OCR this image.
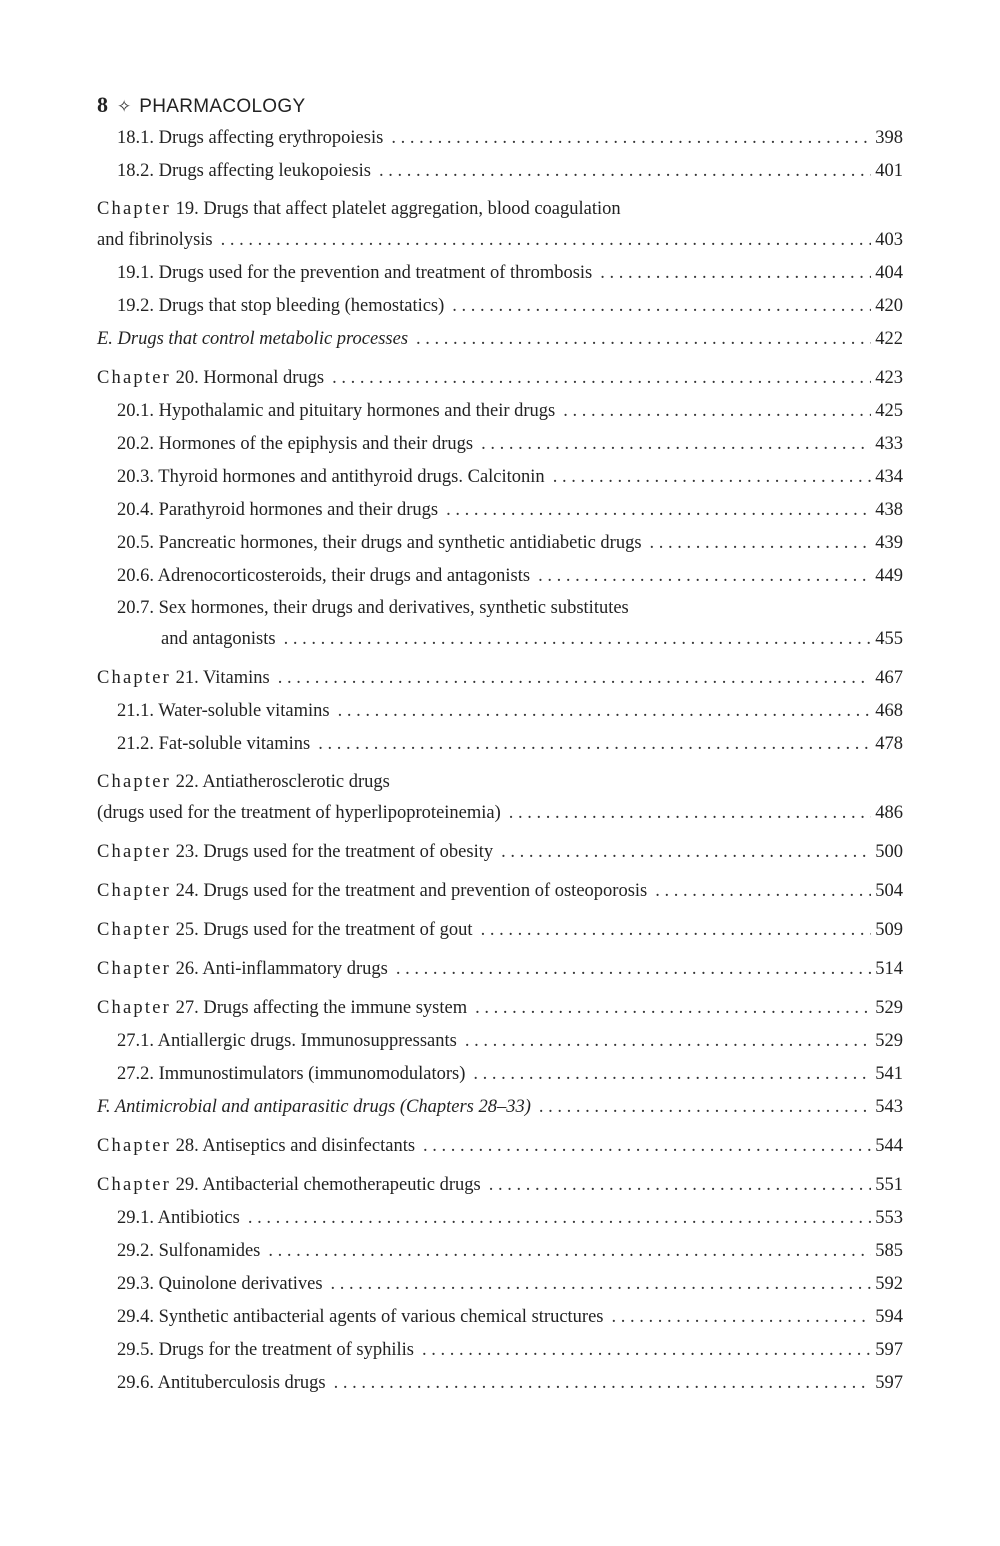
8 ✧ PHARMACOLOGY
18.1. Drugs affecting erythropoiesis . . .	398
18.2. Drugs affecting leukopoiesis . . .	401
Chapter 19. Drugs that affect platelet aggregation, blood coagulation
and fibrinolysis . . .	403
19.1. Drugs used for the prevention and treatment of thrombosis . . .	404
19.2. Drugs that stop bleeding (hemostatics) . . .	420
E. Drugs that control metabolic processes . . .	422
Chapter 20. Hormonal drugs . . .	423
20.1. Hypothalamic and pituitary hormones and their drugs . . .	425
20.2. Hormones of the epiphysis and their drugs . . .	433
20.3. Thyroid hormones and antithyroid drugs. Calcitonin . . .	434
20.4. Parathyroid hormones and their drugs . . .	438
20.5. Pancreatic hormones, their drugs and synthetic antidiabetic drugs . . .	439
20.6. Adrenocorticosteroids, their drugs and antagonists . . .	449
20.7. Sex hormones, their drugs and derivatives, synthetic substitutes
and antagonists . . .	455
Chapter 21. Vitamins . . .	467
21.1. Water-soluble vitamins . . .	468
21.2. Fat-soluble vitamins . . .	478
Chapter 22. Antiatherosclerotic drugs
(drugs used for the treatment of hyperlipoproteinemia) . . .	486
Chapter 23. Drugs used for the treatment of obesity . . .	500
Chapter 24. Drugs used for the treatment and prevention of osteoporosis . . .	504
Chapter 25. Drugs used for the treatment of gout . . .	509
Chapter 26. Anti-inflammatory drugs . . .	514
Chapter 27. Drugs affecting the immune system . . .	529
27.1. Antiallergic drugs. Immunosuppressants . . .	529
27.2. Immunostimulators (immunomodulators) . . .	541
F. Antimicrobial and antiparasitic drugs (Chapters 28–33) . . .	543
Chapter 28. Antiseptics and disinfectants . . .	544
Chapter 29. Antibacterial chemotherapeutic drugs . . .	551
29.1. Antibiotics . . .	553
29.2. Sulfonamides . . .	585
29.3. Quinolone derivatives . . .	592
29.4. Synthetic antibacterial agents of various chemical structures . . .	594
29.5. Drugs for the treatment of syphilis . . .	597
29.6. Antituberculosis drugs . . .	597
